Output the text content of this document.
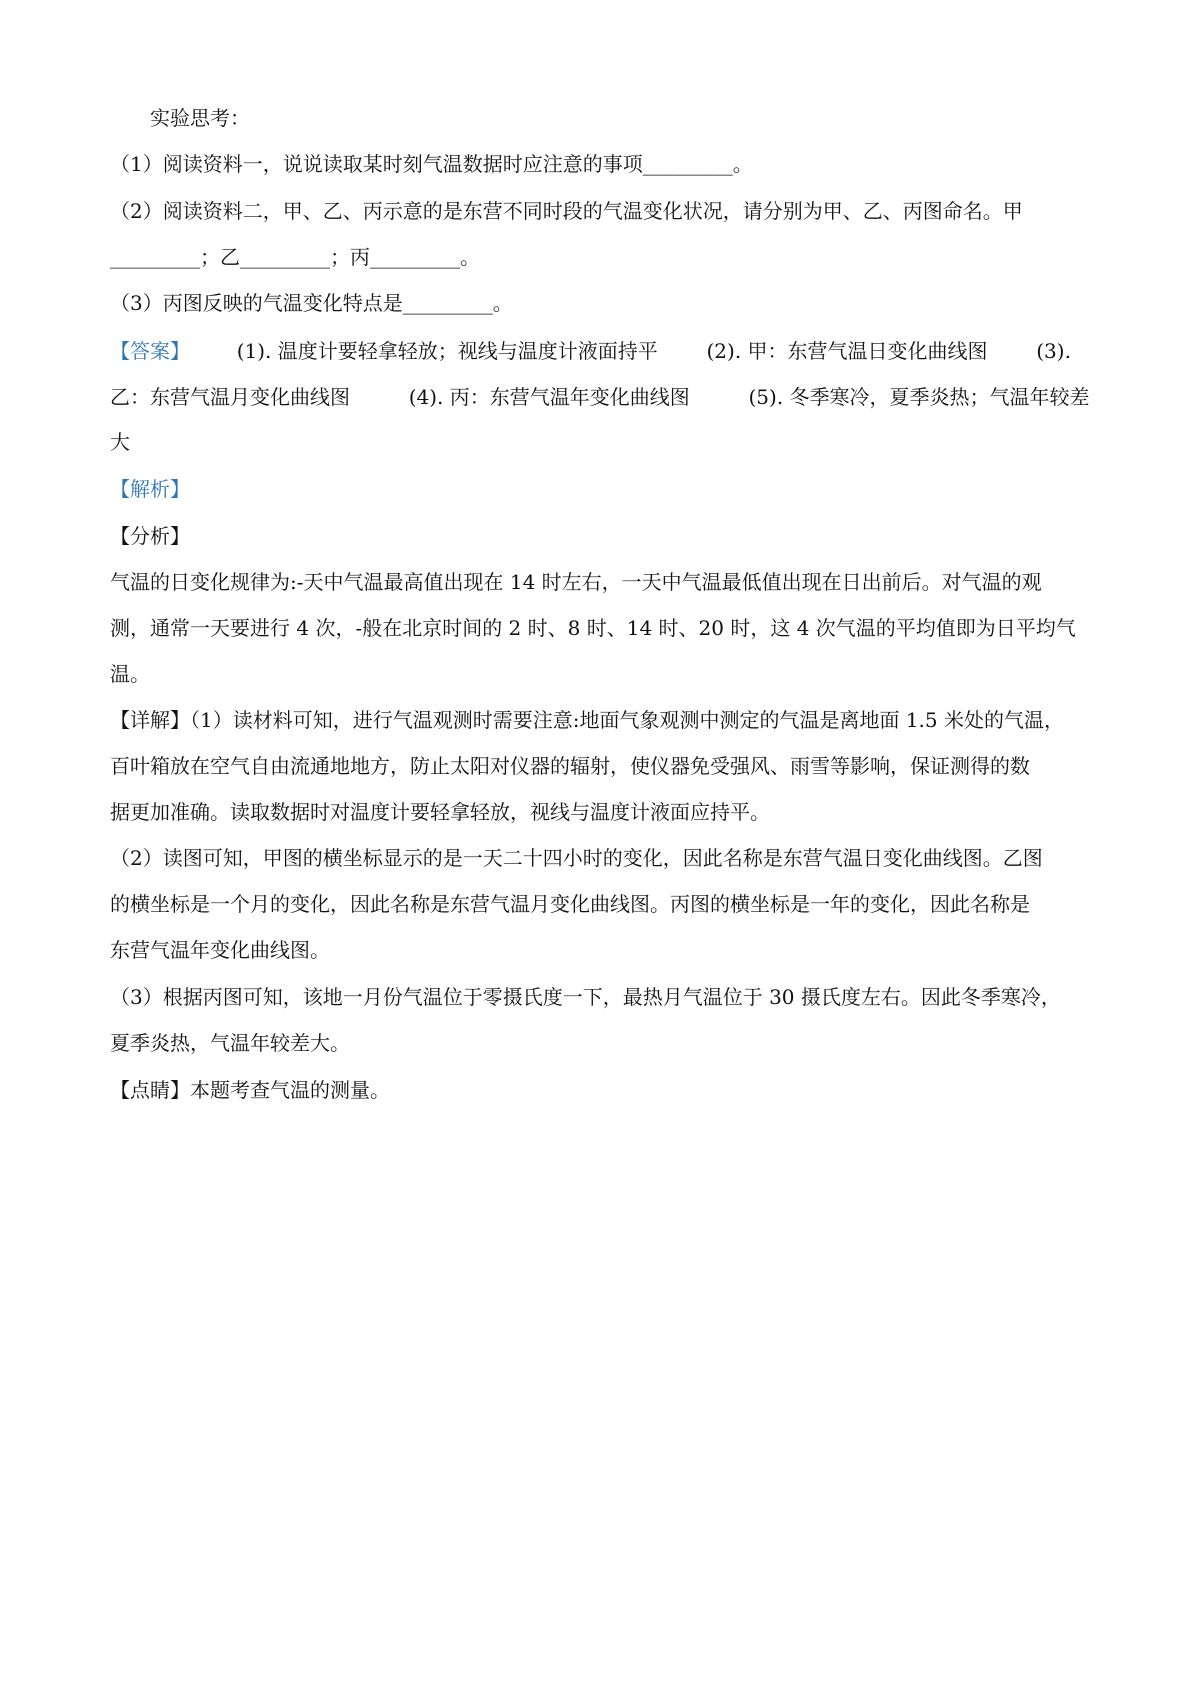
实验思考：
（1）阅读资料一，说说读取某时刻气温数据时应注意的事项_________。
（2）阅读资料二，甲、乙、丙示意的是东营不同时段的气温变化状况，请分别为甲、乙、丙图命名。甲
_________；乙_________；丙_________。
（3）丙图反映的气温变化特点是_________。
【答案】 (1). 温度计要轻拿轻放；视线与温度计液面持平 (2). 甲：东营气温日变化曲线图 (3).
乙：东营气温月变化曲线图	(4). 丙：东营气温年变化曲线图	(5). 冬季寒冷，夏季炎热；气温年较差
大
【解析】
【分析】
气温的日变化规律为:-天中气温最高值出现在 14 时左右，一天中气温最低值出现在日出前后。对气温的观
测，通常一天要进行 4 次，-般在北京时间的 2 时、8 时、14 时、20 时，这 4 次气温的平均值即为日平均气
温。
【详解】（1）读材料可知，进行气温观测时需要注意:地面气象观测中测定的气温是离地面 1.5 米处的气温，
百叶箱放在空气自由流通地地方，防止太阳对仪器的辐射，使仪器免受强风、雨雪等影响，保证测得的数
据更加准确。读取数据时对温度计要轻拿轻放，视线与温度计液面应持平。
（2）读图可知，甲图的横坐标显示的是一天二十四小时的变化，因此名称是东营气温日变化曲线图。乙图
的横坐标是一个月的变化，因此名称是东营气温月变化曲线图。丙图的横坐标是一年的变化，因此名称是
东营气温年变化曲线图。
（3）根据丙图可知，该地一月份气温位于零摄氏度一下，最热月气温位于 30 摄氏度左右。因此冬季寒冷，
夏季炎热，气温年较差大。
【点睛】本题考查气温的测量。
